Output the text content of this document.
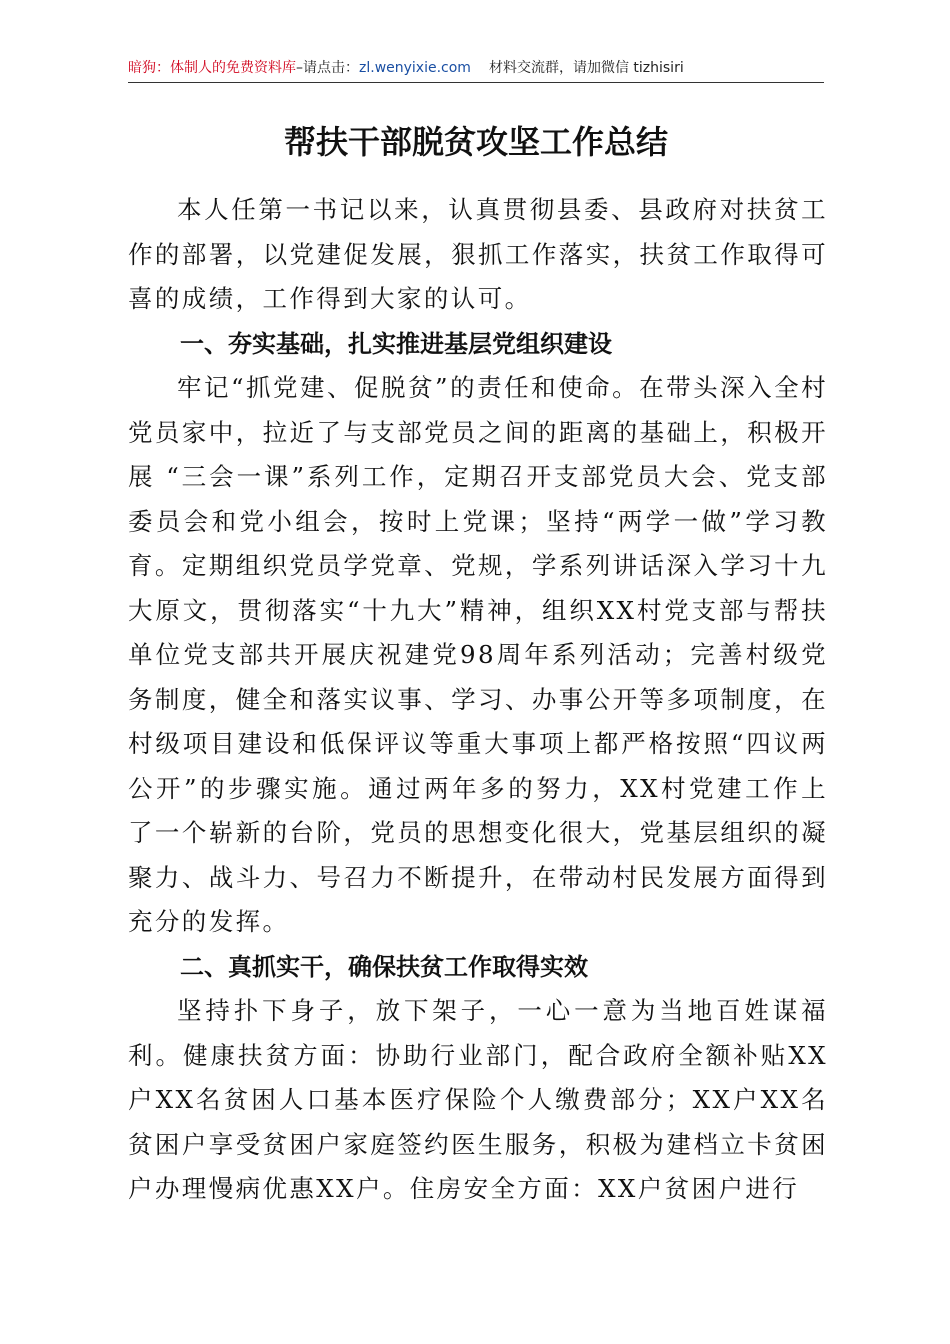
暗狗：体制人的免费资料库–请点击：zl.wenyixie.com 材料交流群，请加微信 tizhisiri
帮扶干部脱贫攻坚工作总结

本人任第一书记以来，认真贯彻县委、县政府对扶贫工作的部署，以党建促发展，狠抓工作落实，扶贫工作取得可喜的成绩，工作得到大家的认可。

一、夯实基础，扎实推进基层党组织建设

牢记“抓党建、促脱贫”的责任和使命。在带头深入全村党员家中，拉近了与支部党员之间的距离的基础上，积极开展 “三会一课”系列工作，定期召开支部党员大会、党支部委员会和党小组会，按时上党课；坚持“两学一做”学习教育。定期组织党员学党章、党规，学系列讲话深入学习十九大原文，贯彻落实“十九大”精神，组织XX村党支部与帮扶单位党支部共开展庆祝建党98周年系列活动；完善村级党务制度，健全和落实议事、学习、办事公开等多项制度，在村级项目建设和低保评议等重大事项上都严格按照“四议两公开”的步骤实施。通过两年多的努力，XX村党建工作上了一个崭新的台阶，党员的思想变化很大，党基层组织的凝聚力、战斗力、号召力不断提升，在带动村民发展方面得到充分的发挥。

二、真抓实干，确保扶贫工作取得实效

坚持扑下身子，放下架子，一心一意为当地百姓谋福利。健康扶贫方面：协助行业部门，配合政府全额补贴XX户XX名贫困人口基本医疗保险个人缴费部分；XX户XX名贫困户享受贫困户家庭签约医生服务，积极为建档立卡贫困户办理慢病优惠XX户。住房安全方面：XX户贫困户进行
